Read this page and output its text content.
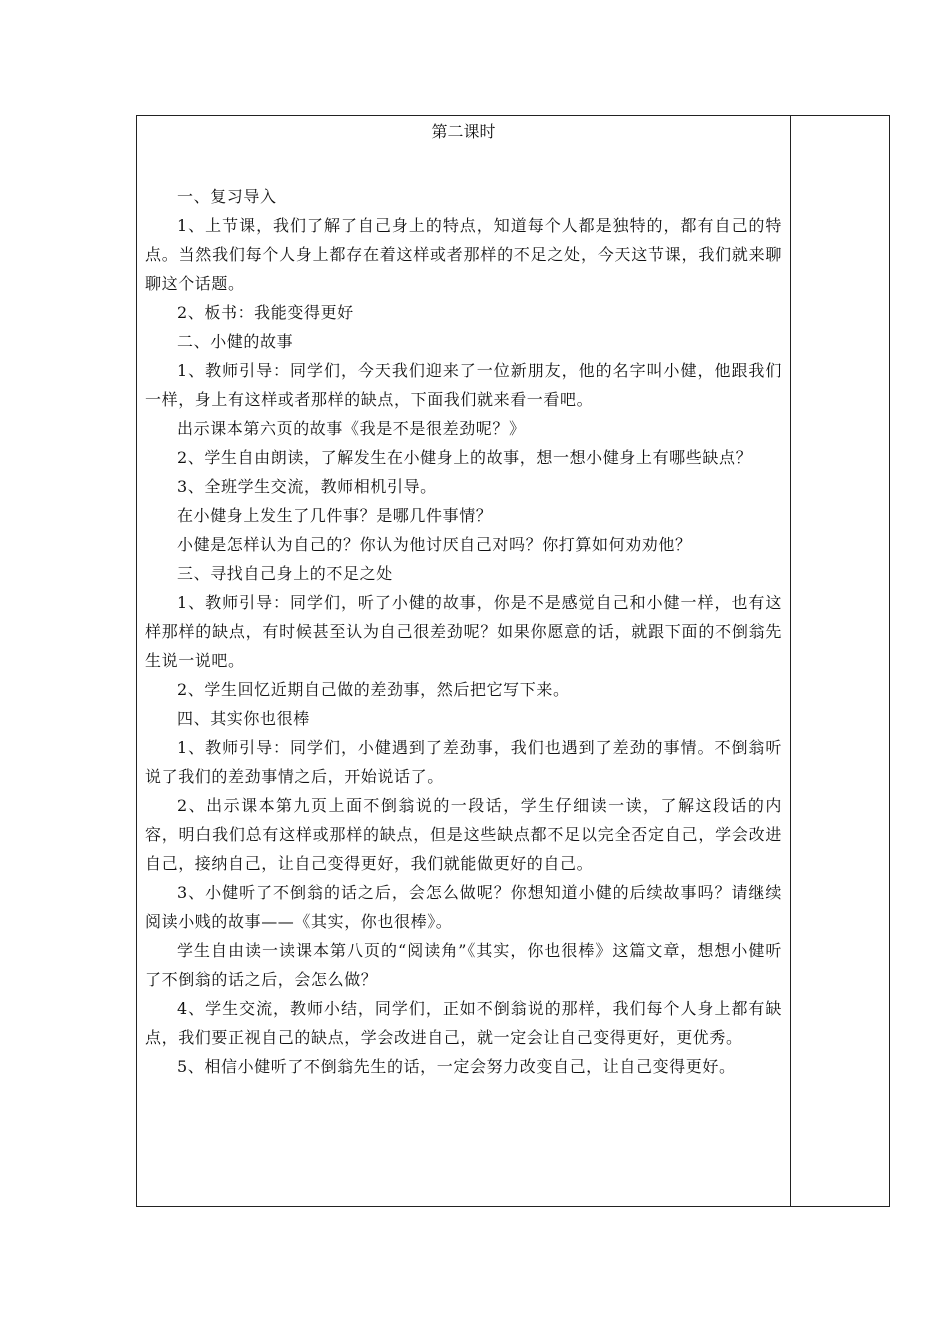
第二课时

一、复习导入

1、上节课，我们了解了自己身上的特点，知道每个人都是独特的，都有自己的特点。当然我们每个人身上都存在着这样或者那样的不足之处，今天这节课，我们就来聊聊这个话题。

2、板书：我能变得更好

二、小健的故事

1、教师引导：同学们，今天我们迎来了一位新朋友，他的名字叫小健，他跟我们一样，身上有这样或者那样的缺点，下面我们就来看一看吧。

出示课本第六页的故事《我是不是很差劲呢？》

2、学生自由朗读，了解发生在小健身上的故事，想一想小健身上有哪些缺点？

3、全班学生交流，教师相机引导。

在小健身上发生了几件事？是哪几件事情？

小健是怎样认为自己的？你认为他讨厌自己对吗？你打算如何劝劝他？

三、寻找自己身上的不足之处

1、教师引导：同学们，听了小健的故事，你是不是感觉自己和小健一样，也有这样那样的缺点，有时候甚至认为自己很差劲呢？如果你愿意的话，就跟下面的不倒翁先生说一说吧。

2、学生回忆近期自己做的差劲事，然后把它写下来。

四、其实你也很棒

1、教师引导：同学们，小健遇到了差劲事，我们也遇到了差劲的事情。不倒翁听说了我们的差劲事情之后，开始说话了。

2、出示课本第九页上面不倒翁说的一段话，学生仔细读一读，了解这段话的内容，明白我们总有这样或那样的缺点，但是这些缺点都不足以完全否定自己，学会改进自己，接纳自己，让自己变得更好，我们就能做更好的自己。

3、小健听了不倒翁的话之后，会怎么做呢？你想知道小健的后续故事吗？请继续阅读小贱的故事——《其实，你也很棒》。

学生自由读一读课本第八页的“阅读角”《其实，你也很棒》这篇文章，想想小健听了不倒翁的话之后，会怎么做？

4、学生交流，教师小结，同学们，正如不倒翁说的那样，我们每个人身上都有缺点，我们要正视自己的缺点，学会改进自己，就一定会让自己变得更好，更优秀。

5、相信小健听了不倒翁先生的话，一定会努力改变自己，让自己变得更好。
